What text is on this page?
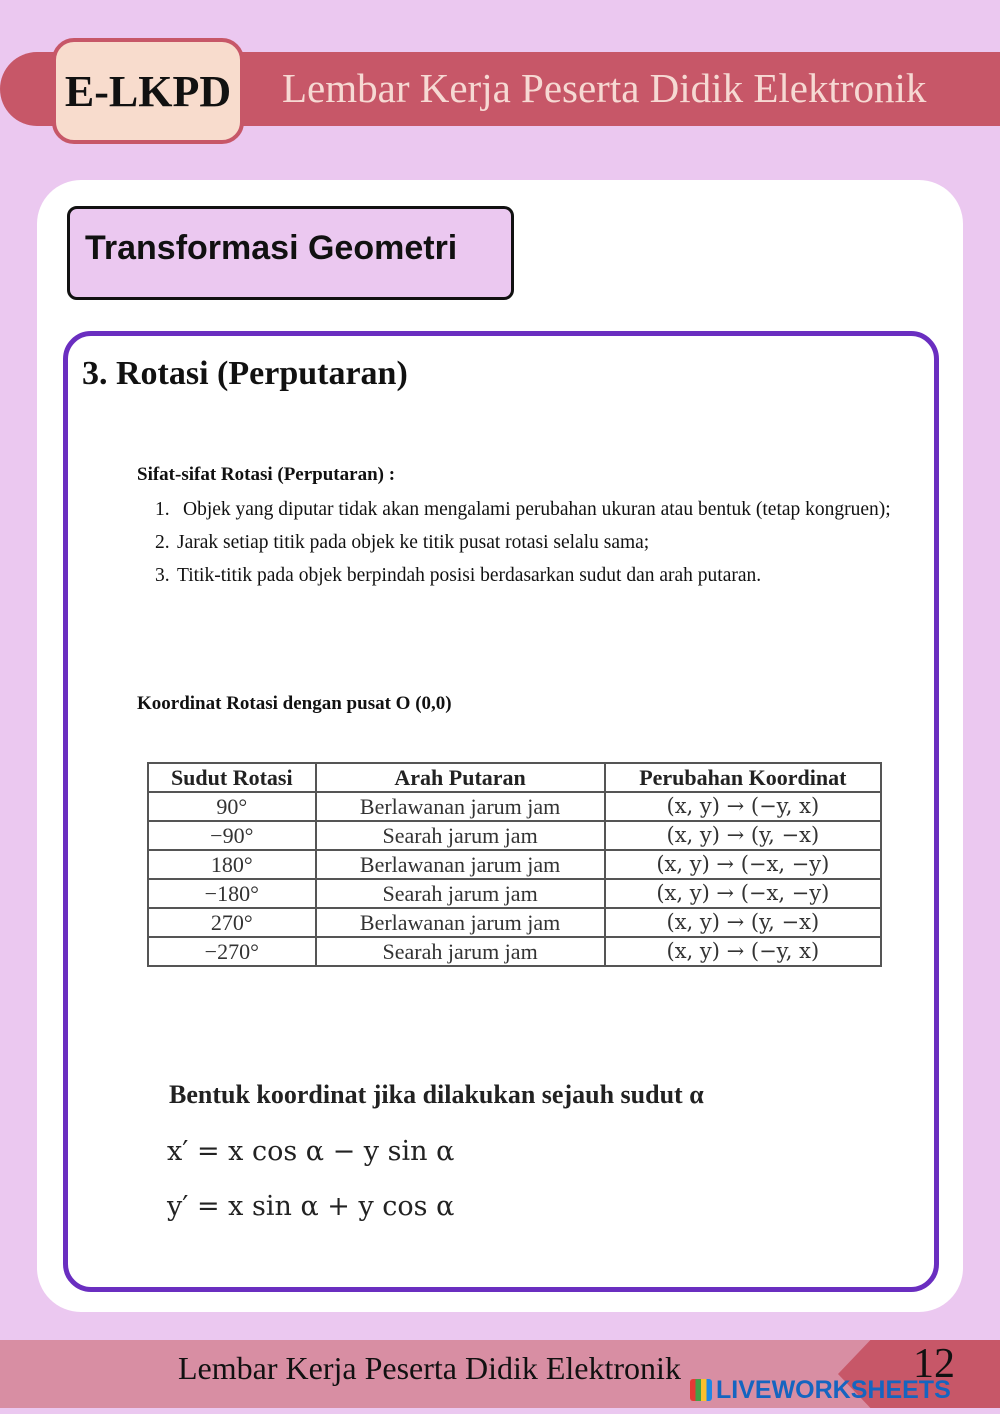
E-LKPD	Lembar Kerja Peserta Didik Elektronik
Transformasi Geometri
3. Rotasi (Perputaran)
Sifat-sifat Rotasi (Perputaran) :
1. Objek yang diputar tidak akan mengalami perubahan ukuran atau bentuk (tetap kongruen);
2. Jarak setiap titik pada objek ke titik pusat rotasi selalu sama;
3. Titik-titik pada objek berpindah posisi berdasarkan sudut dan arah putaran.
Koordinat Rotasi dengan pusat O (0,0)
Sudut Rotasi	Arah Putaran	Perubahan Koordinat
90°	Berlawanan jarum jam	(x, y) → (−y, x)
−90°	Searah jarum jam	(x, y) → (y, −x)
180°	Berlawanan jarum jam	(x, y) → (−x, −y)
−180°	Searah jarum jam	(x, y) → (−x, −y)
270°	Berlawanan jarum jam	(x, y) → (y, −x)
−270°	Searah jarum jam	(x, y) → (−y, x)
Bentuk koordinat jika dilakukan sejauh sudut α
x′ = x cos α − y sin α
y′ = x sin α + y cos α
Lembar Kerja Peserta Didik Elektronik	12
LIVEWORKSHEETS
